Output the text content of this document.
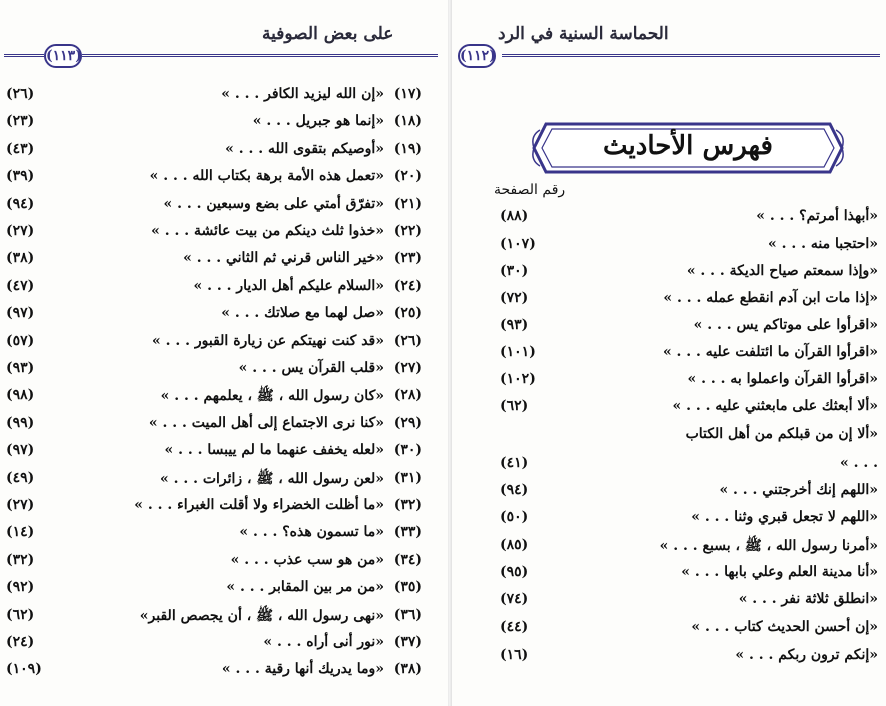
(١١٣)
على بعض الصوفية
(١٧)
«إن الله ليزيد الكافر . . . »
(٢٦)
(١٨)
«إنما هو جبريل . . . »
(٢٣)
(١٩)
«أوصيكم بتقوى الله . . . »
(٤٣)
(٢٠)
«تعمل هذه الأمة برهة بكتاب الله . . . »
(٣٩)
(٢١)
«تفرّق أمتي على بضع وسبعين . . . »
(٩٤)
(٢٢)
«خذوا ثلث دينكم من بيت عائشة . . . »
(٢٧)
(٢٣)
«خير الناس قرني ثم الثاني . . . »
(٣٨)
(٢٤)
«السلام عليكم أهل الديار . . . »
(٤٧)
(٢٥)
«صل لهما مع صلاتك . . . »
(٩٧)
(٢٦)
«قد كنت نهيتكم عن زيارة القبور . . . »
(٥٧)
(٢٧)
«قلب القرآن يس . . . »
(٩٣)
(٢٨)
«كان رسول الله ، ﷺ ، يعلمهم . . . »
(٩٨)
(٢٩)
«كنا نرى الاجتماع إلى أهل الميت . . . »
(٩٩)
(٣٠)
«لعله يخفف عنهما ما لم ييبسا . . . »
(٩٧)
(٣١)
«لعن رسول الله ، ﷺ ، زائرات . . . »
(٤٩)
(٣٢)
«ما أظلت الخضراء ولا أقلت الغبراء . . . »
(٢٧)
(٣٣)
«ما تسمون هذه؟ . . . »
(١٤)
(٣٤)
«من هو سب عذب . . . »
(٣٢)
(٣٥)
«من مر بين المقابر . . . »
(٩٢)
(٣٦)
«نهى رسول الله ، ﷺ ، أن يجصص القبر»
(٦٢)
(٣٧)
«نور أنى أراه . . . »
(٢٤)
(٣٨)
«وما يدريك أنها رقية . . . »
(١٠٩)
(١١٢)
الحماسة السنية في الرد
فهرس الأحاديث
رقم الصفحة
«أبهذا أمرتم؟ . . . »
(٨٨)
«احتجبا منه . . . »
(١٠٧)
«وإذا سمعتم صياح الديكة . . . »
(٣٠)
«إذا مات ابن آدم انقطع عمله . . . »
(٧٢)
«اقرأوا على موتاكم يس . . . »
(٩٣)
«اقرأوا القرآن ما ائتلفت عليه . . . »
(١٠١)
«اقرأوا القرآن واعملوا به . . . »
(١٠٢)
«ألا أبعثك على مابعثني عليه . . . »
(٦٢)
«ألا إن من قبلكم من أهل الكتاب
. . . »
(٤١)
«اللهم إنك أخرجتني . . . »
(٩٤)
«اللهم لا تجعل قبري وثنا . . . »
(٥٠)
«أمرنا رسول الله ، ﷺ ، بسبع . . . »
(٨٥)
«أنا مدينة العلم وعلي بابها . . . »
(٩٥)
«انطلق ثلاثة نفر . . . »
(٧٤)
«إن أحسن الحديث كتاب . . . »
(٤٤)
«إنكم ترون ربكم . . . »
(١٦)
